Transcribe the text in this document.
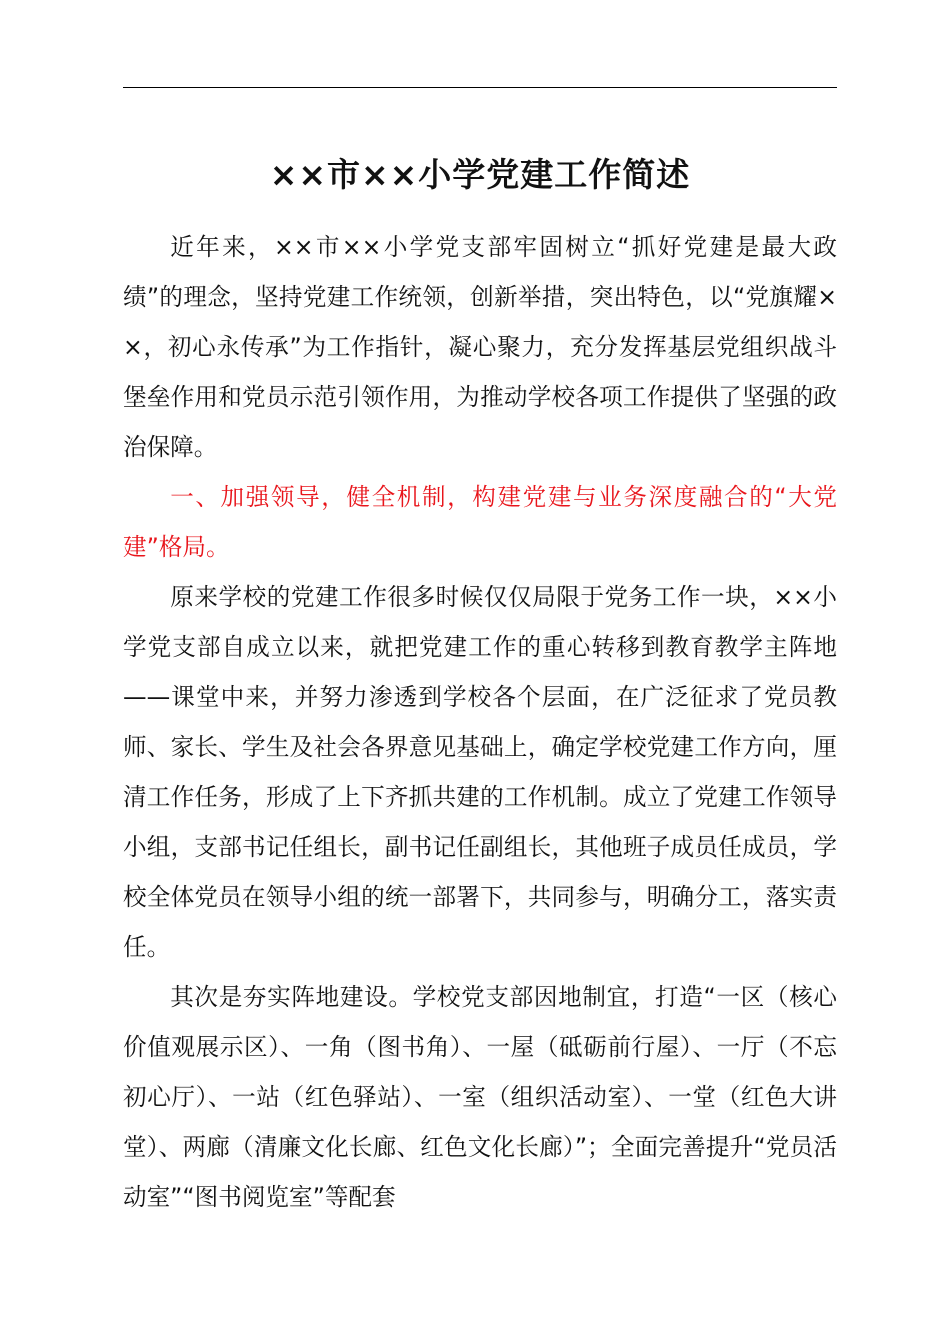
××市××小学党建工作简述

近年来，××市××小学党支部牢固树立“抓好党建是最大政绩”的理念，坚持党建工作统领，创新举措，突出特色，以“党旗耀××，初心永传承”为工作指针，凝心聚力，充分发挥基层党组织战斗堡垒作用和党员示范引领作用，为推动学校各项工作提供了坚强的政治保障。

一、加强领导，健全机制，构建党建与业务深度融合的“大党建”格局。

原来学校的党建工作很多时候仅仅局限于党务工作一块，××小学党支部自成立以来，就把党建工作的重心转移到教育教学主阵地——课堂中来，并努力渗透到学校各个层面，在广泛征求了党员教师、家长、学生及社会各界意见基础上，确定学校党建工作方向，厘清工作任务，形成了上下齐抓共建的工作机制。成立了党建工作领导小组，支部书记任组长，副书记任副组长，其他班子成员任成员，学校全体党员在领导小组的统一部署下，共同参与，明确分工，落实责任。

其次是夯实阵地建设。学校党支部因地制宜，打造“一区（核心价值观展示区）、一角（图书角）、一屋（砥砺前行屋）、一厅（不忘初心厅）、一站（红色驿站）、一室（组织活动室）、一堂（红色大讲堂）、两廊（清廉文化长廊、红色文化长廊）”；全面完善提升“党员活动室”“图书阅览室”等配套
